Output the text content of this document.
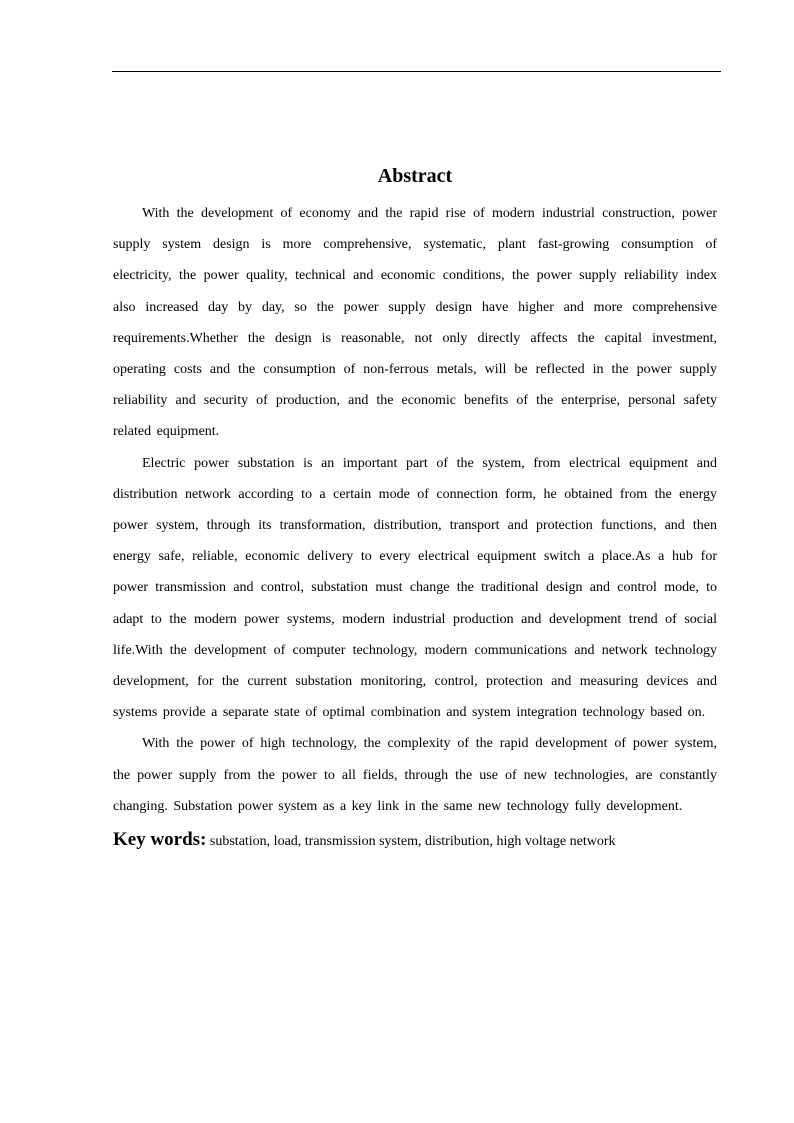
Abstract

With the development of economy and the rapid rise of modern industrial construction, power supply system design is more comprehensive, systematic, plant fast-growing consumption of electricity, the power quality, technical and economic conditions, the power supply reliability index also increased day by day, so the power supply design have higher and more comprehensive requirements.Whether the design is reasonable, not only directly affects the capital investment, operating costs and the consumption of non-ferrous metals, will be reflected in the power supply reliability and security of production, and the economic benefits of the enterprise, personal safety related equipment.

Electric power substation is an important part of the system, from electrical equipment and distribution network according to a certain mode of connection form, he obtained from the energy power system, through its transformation, distribution, transport and protection functions, and then energy safe, reliable, economic delivery to every electrical equipment switch a place.As a hub for power transmission and control, substation must change the traditional design and control mode, to adapt to the modern power systems, modern industrial production and development trend of social life.With the development of computer technology, modern communications and network technology development, for the current substation monitoring, control, protection and measuring devices and systems provide a separate state of optimal combination and system integration technology based on.

With the power of high technology, the complexity of the rapid development of power system, the power supply from the power to all fields, through the use of new technologies, are constantly changing. Substation power system as a key link in the same new technology fully development.

Key words: substation, load, transmission system, distribution, high voltage network
